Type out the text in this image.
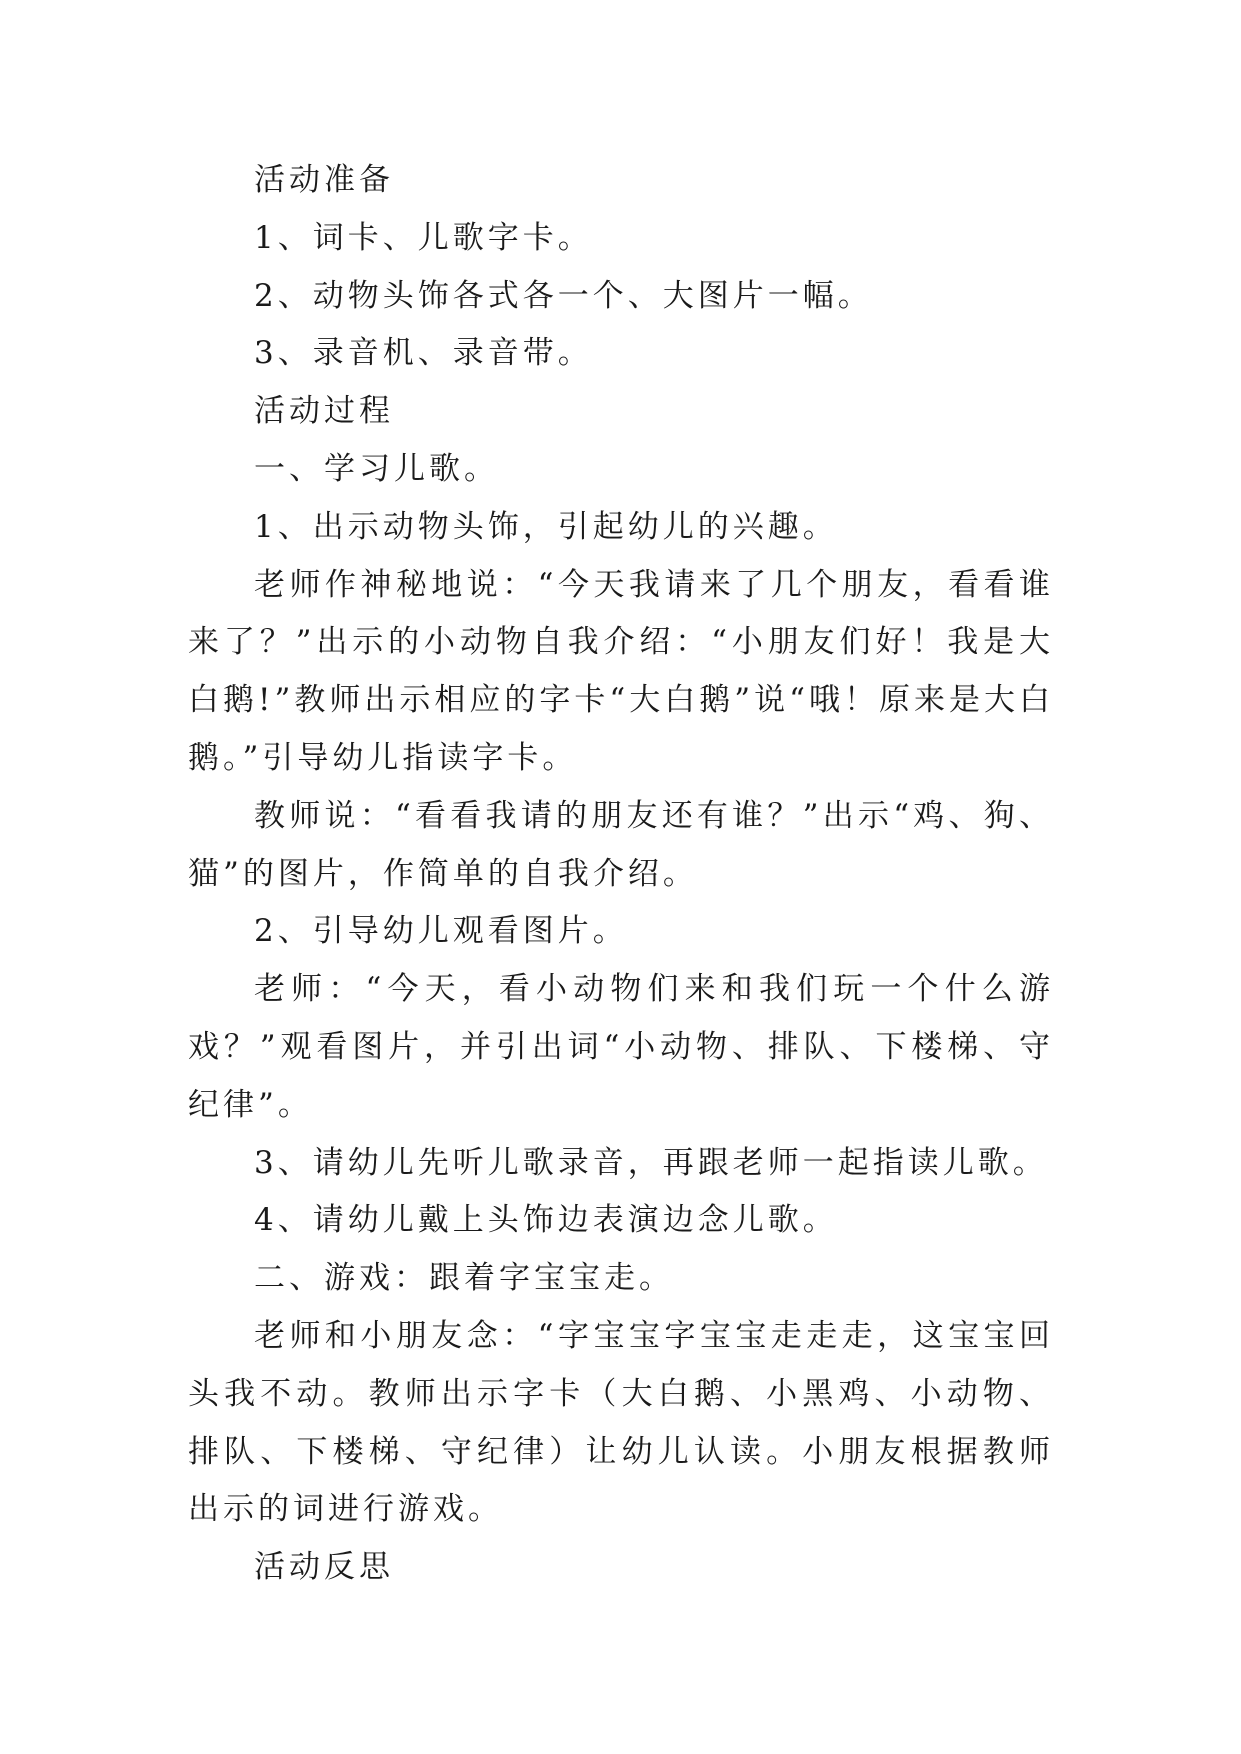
活动准备

1、词卡、儿歌字卡。

2、动物头饰各式各一个、大图片一幅。

3、录音机、录音带。

活动过程

一、学习儿歌。

1、出示动物头饰，引起幼儿的兴趣。

老师作神秘地说：“今天我请来了几个朋友，看看谁来了？”出示的小动物自我介绍：“小朋友们好！我是大白鹅!”教师出示相应的字卡“大白鹅”说“哦！原来是大白鹅。”引导幼儿指读字卡。

教师说：“看看我请的朋友还有谁？”出示“鸡、狗、猫”的图片，作简单的自我介绍。

2、引导幼儿观看图片。

老师：“今天，看小动物们来和我们玩一个什么游戏？”观看图片，并引出词“小动物、排队、下楼梯、守纪律”。

3、请幼儿先听儿歌录音，再跟老师一起指读儿歌。

4、请幼儿戴上头饰边表演边念儿歌。

二、游戏：跟着字宝宝走。

老师和小朋友念：“字宝宝字宝宝走走走，这宝宝回头我不动。教师出示字卡（大白鹅、小黑鸡、小动物、排队、下楼梯、守纪律）让幼儿认读。小朋友根据教师出示的词进行游戏。

活动反思
